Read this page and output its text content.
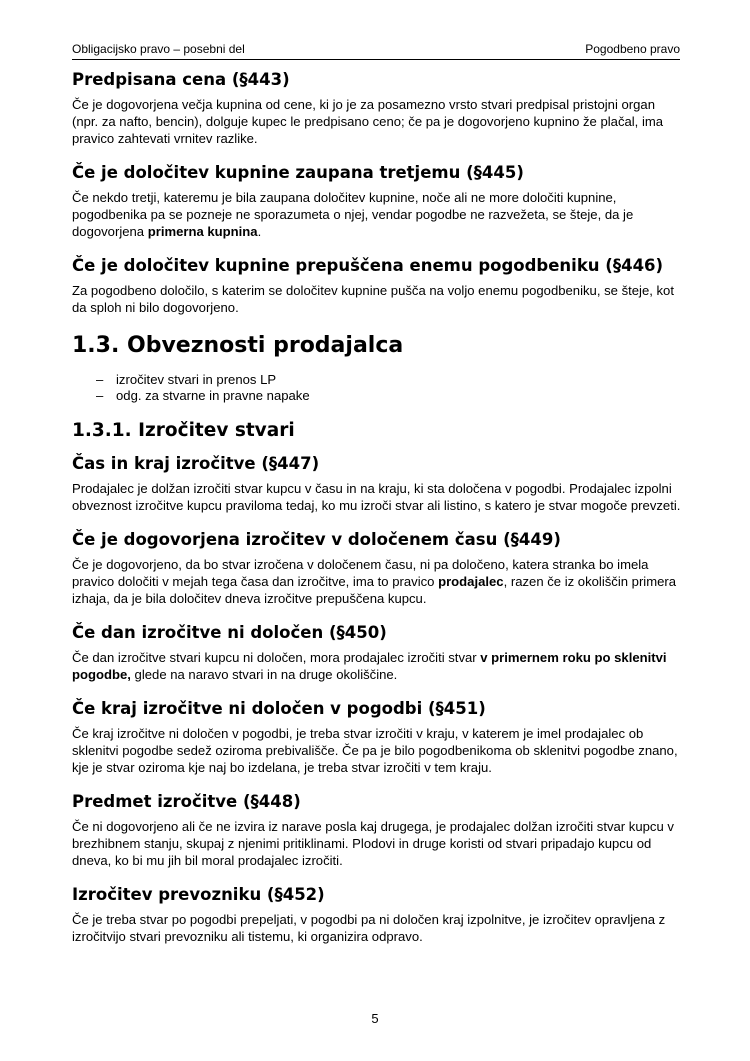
Obligacijsko pravo – posebni del	Pogodbeno pravo
Predpisana cena (§443)

Če je dogovorjena večja kupnina od cene, ki jo je za posamezno vrsto stvari predpisal pristojni organ (npr. za nafto, bencin), dolguje kupec le predpisano ceno; če pa je dogovorjeno kupnino že plačal, ima pravico zahtevati vrnitev razlike.

Če je določitev kupnine zaupana tretjemu (§445)

Če nekdo tretji, kateremu je bila zaupana določitev kupnine, noče ali ne more določiti kupnine, pogodbenika pa se pozneje ne sporazumeta o njej, vendar pogodbe ne razvežeta, se šteje, da je dogovorjena primerna kupnina.

Če je določitev kupnine prepuščena enemu pogodbeniku (§446)

Za pogodbeno določilo, s katerim se določitev kupnine pušča na voljo enemu pogodbeniku, se šteje, kot da sploh ni bilo dogovorjeno.

1.3. Obveznosti prodajalca
– izročitev stvari in prenos LP
– odg. za stvarne in pravne napake
1.3.1. Izročitev stvari
Čas in kraj izročitve (§447)

Prodajalec je dolžan izročiti stvar kupcu v času in na kraju, ki sta določena v pogodbi. Prodajalec izpolni obveznost izročitve kupcu praviloma tedaj, ko mu izroči stvar ali listino, s katero je stvar mogoče prevzeti.

Če je dogovorjena izročitev v določenem času (§449)

Če je dogovorjeno, da bo stvar izročena v določenem času, ni pa določeno, katera stranka bo imela pravico določiti v mejah tega časa dan izročitve, ima to pravico prodajalec, razen če iz okoliščin primera izhaja, da je bila določitev dneva izročitve prepuščena kupcu.

Če dan izročitve ni določen (§450)

Če dan izročitve stvari kupcu ni določen, mora prodajalec izročiti stvar v primernem roku po sklenitvi pogodbe, glede na naravo stvari in na druge okoliščine.

Če kraj izročitve ni določen v pogodbi (§451)

Če kraj izročitve ni določen v pogodbi, je treba stvar izročiti v kraju, v katerem je imel prodajalec ob sklenitvi pogodbe sedež oziroma prebivališče. Če pa je bilo pogodbenikoma ob sklenitvi pogodbe znano, kje je stvar oziroma kje naj bo izdelana, je treba stvar izročiti v tem kraju.

Predmet izročitve (§448)

Če ni dogovorjeno ali če ne izvira iz narave posla kaj drugega, je prodajalec dolžan izročiti stvar kupcu v brezhibnem stanju, skupaj z njenimi pritiklinami. Plodovi in druge koristi od stvari pripadajo kupcu od dneva, ko bi mu jih bil moral prodajalec izročiti.

Izročitev prevozniku (§452)

Če je treba stvar po pogodbi prepeljati, v pogodbi pa ni določen kraj izpolnitve, je izročitev opravljena z izročitvijo stvari prevozniku ali tistemu, ki organizira odpravo.

5
